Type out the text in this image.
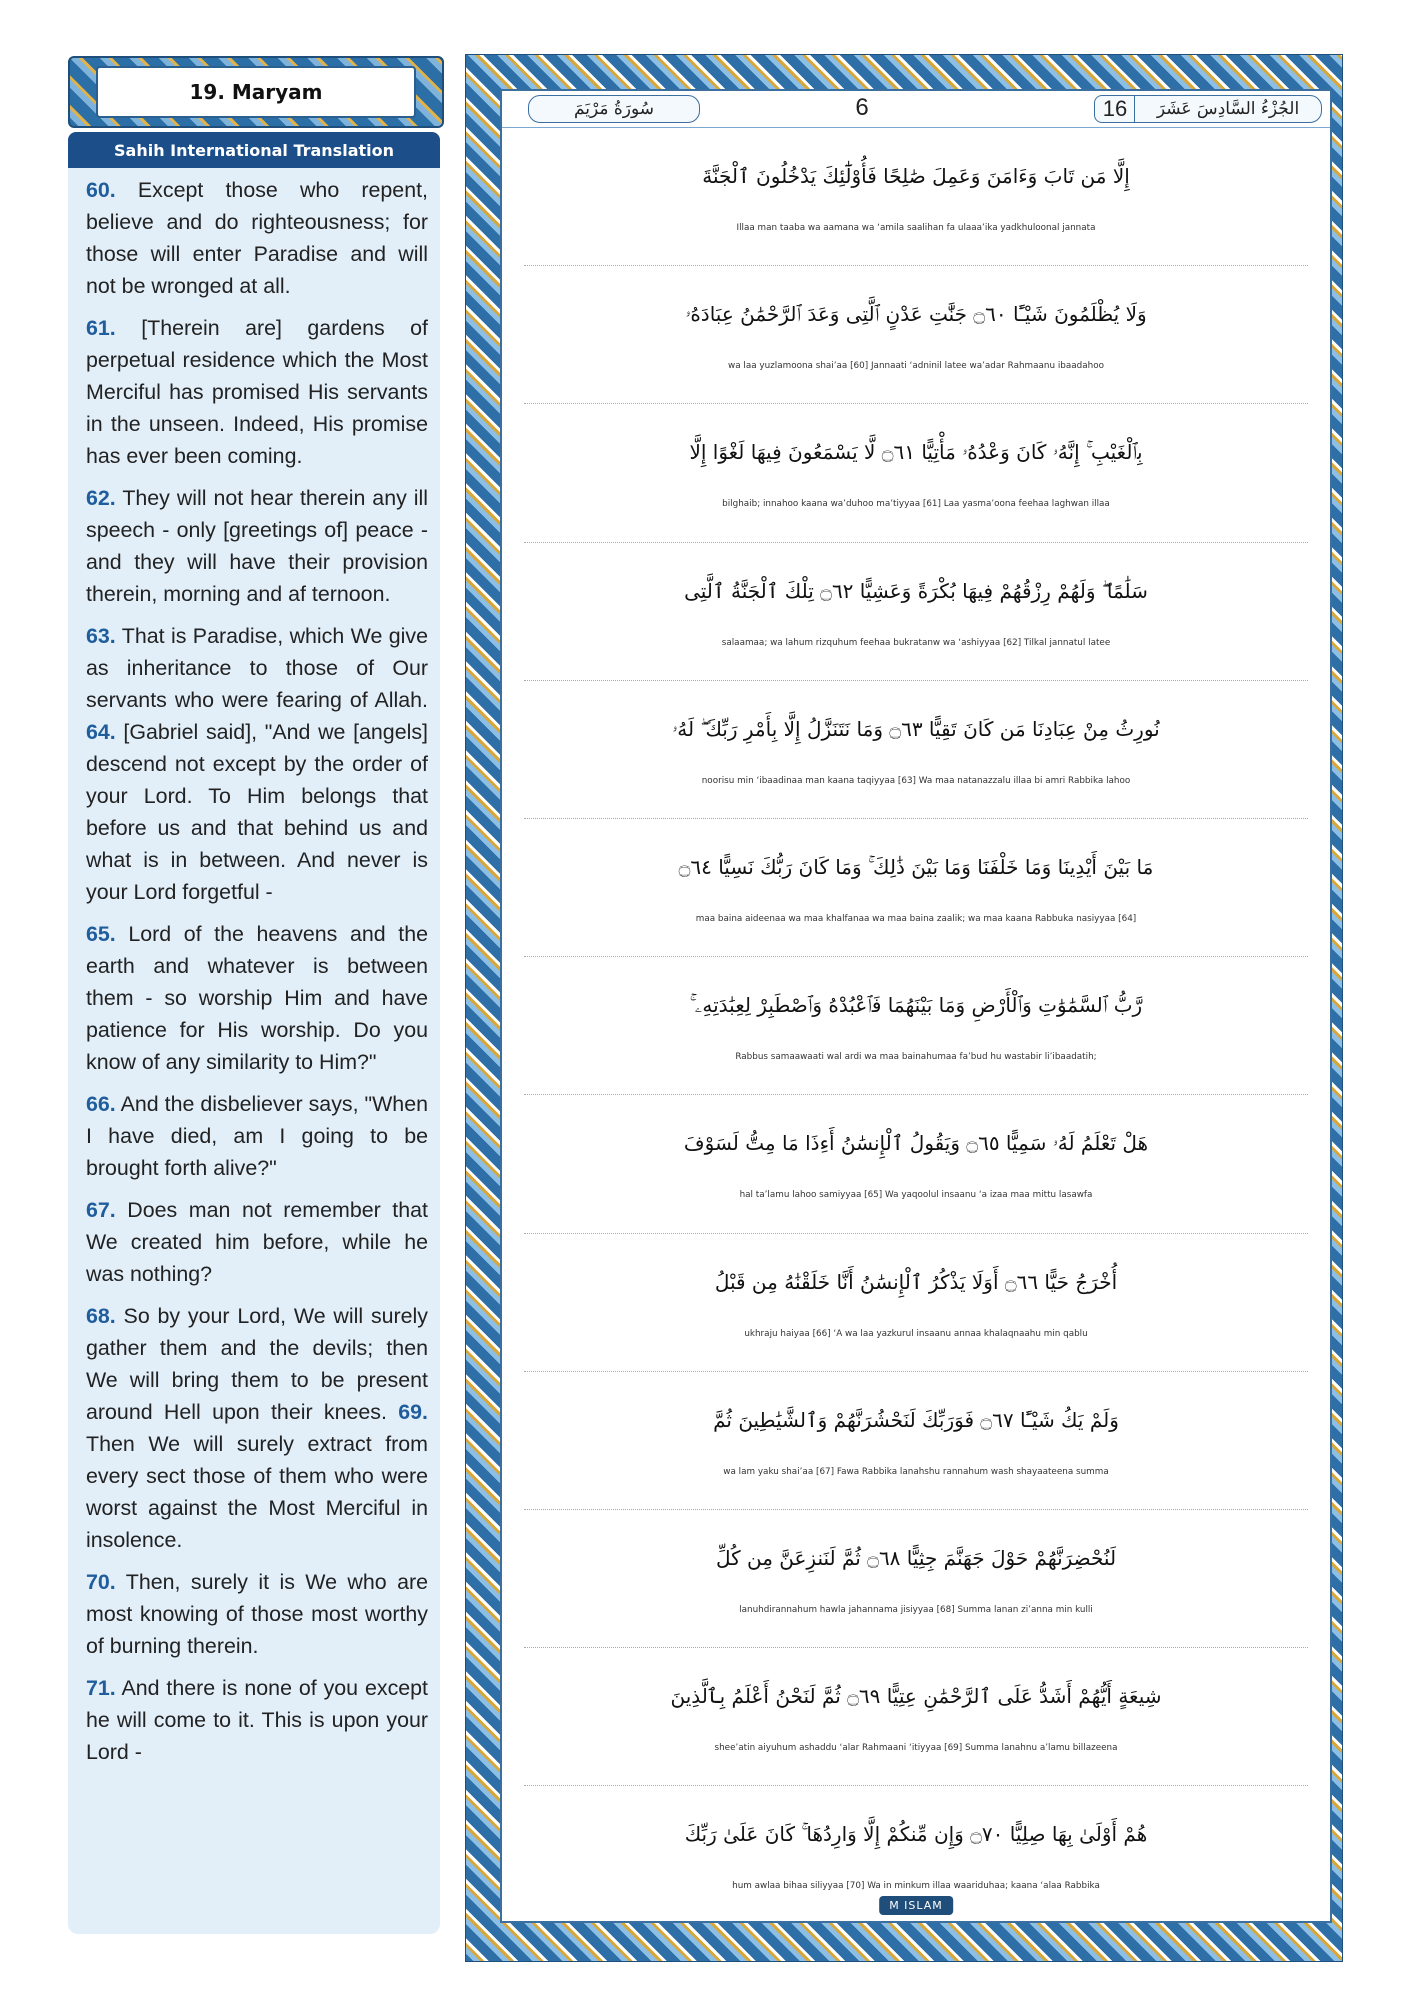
19. Maryam
Sahih International Translation

60. Except those who repent, believe and do righteousness; for those will enter Paradise and will not be wronged at all.

61. [Therein are] gardens of perpetual residence which the Most Merciful has promised His servants in the unseen. Indeed, His promise has ever been coming.

62. They will not hear therein any ill speech - only [greetings of] peace - and they will have their provision therein, morning and af ternoon.

63. That is Paradise, which We give as inheritance to those of Our servants who were fearing of Allah. 64. [Gabriel said], "And we [angels] descend not except by the order of your Lord. To Him belongs that before us and that behind us and what is in between. And never is your Lord forgetful -

65. Lord of the heavens and the earth and whatever is between them - so worship Him and have patience for His worship. Do you know of any similarity to Him?"

66. And the disbeliever says, "When I have died, am I going to be brought forth alive?"

67. Does man not remember that We created him before, while he was nothing?

68. So by your Lord, We will surely gather them and the devils; then We will bring them to be present around Hell upon their knees. 69. Then We will surely extract from every sect those of them who were worst against the Most Merciful in insolence.

70. Then, surely it is We who are most knowing of those most worthy of burning therein.

71. And there is none of you except he will come to it. This is upon your Lord -

سُورَةُ مَرْيَمَ	6	16	الجُزْءُ السَّادِسَ عَشَرَ
إِلَّا مَن تَابَ وَءَامَنَ وَعَمِلَ صَٰلِحًا فَأُوْلَٰٓئِكَ يَدْخُلُونَ ٱلْجَنَّةَ
Illaa man taaba wa aamana wa ‘amila saalihan fa ulaaa’ika yadkhuloonal jannata
وَلَا يُظْلَمُونَ شَيْـًٔا ۝٦٠ جَنَّٰتِ عَدْنٍ ٱلَّتِى وَعَدَ ٱلرَّحْمَٰنُ عِبَادَهُۥ
wa laa yuzlamoona shai’aa [60] Jannaati ‘adninil latee wa’adar Rahmaanu ibaadahoo
بِٱلْغَيْبِ ۚ إِنَّهُۥ كَانَ وَعْدُهُۥ مَأْتِيًّا ۝٦١ لَّا يَسْمَعُونَ فِيهَا لَغْوًا إِلَّا
bilghaib; innahoo kaana wa’duhoo ma’tiyyaa [61] Laa yasma’oona feehaa laghwan illaa
سَلَٰمًا ۖ وَلَهُمْ رِزْقُهُمْ فِيهَا بُكْرَةً وَعَشِيًّا ۝٦٢ تِلْكَ ٱلْجَنَّةُ ٱلَّتِى
salaamaa; wa lahum rizquhum feehaa bukratanw wa ‘ashiyyaa [62] Tilkal jannatul latee
نُورِثُ مِنْ عِبَادِنَا مَن كَانَ تَقِيًّا ۝٦٣ وَمَا نَتَنَزَّلُ إِلَّا بِأَمْرِ رَبِّكَ ۖ لَهُۥ
noorisu min ‘ibaadinaa man kaana taqiyyaa [63] Wa maa natanazzalu illaa bi amri Rabbika lahoo
مَا بَيْنَ أَيْدِينَا وَمَا خَلْفَنَا وَمَا بَيْنَ ذَٰلِكَ ۚ وَمَا كَانَ رَبُّكَ نَسِيًّا ۝٦٤
maa baina aideenaa wa maa khalfanaa wa maa baina zaalik; wa maa kaana Rabbuka nasiyyaa [64]
رَّبُّ ٱلسَّمَٰوَٰتِ وَٱلْأَرْضِ وَمَا بَيْنَهُمَا فَٱعْبُدْهُ وَٱصْطَبِرْ لِعِبَٰدَتِهِۦ ۚ
Rabbus samaawaati wal ardi wa maa bainahumaa fa’bud hu wastabir li’ibaadatih;
هَلْ تَعْلَمُ لَهُۥ سَمِيًّا ۝٦٥ وَيَقُولُ ٱلْإِنسَٰنُ أَءِذَا مَا مِتُّ لَسَوْفَ
hal ta’lamu lahoo samiyyaa [65] Wa yaqoolul insaanu ‘a izaa maa mittu lasawfa
أُخْرَجُ حَيًّا ۝٦٦ أَوَلَا يَذْكُرُ ٱلْإِنسَٰنُ أَنَّا خَلَقْنَٰهُ مِن قَبْلُ
ukhraju haiyaa [66] ‘A wa laa yazkurul insaanu annaa khalaqnaahu min qablu
وَلَمْ يَكُ شَيْـًٔا ۝٦٧ فَوَرَبِّكَ لَنَحْشُرَنَّهُمْ وَٱلشَّيَٰطِينَ ثُمَّ
wa lam yaku shai’aa [67] Fawa Rabbika lanahshu rannahum wash shayaateena summa
لَنُحْضِرَنَّهُمْ حَوْلَ جَهَنَّمَ جِثِيًّا ۝٦٨ ثُمَّ لَنَنزِعَنَّ مِن كُلِّ
lanuhdirannahum hawla jahannama jisiyyaa [68] Summa lanan zi’anna min kulli
شِيعَةٍ أَيُّهُمْ أَشَدُّ عَلَى ٱلرَّحْمَٰنِ عِتِيًّا ۝٦٩ ثُمَّ لَنَحْنُ أَعْلَمُ بِٱلَّذِينَ
shee’atin aiyuhum ashaddu ‘alar Rahmaani ‘itiyyaa [69] Summa lanahnu a’lamu billazeena
هُمْ أَوْلَىٰ بِهَا صِلِيًّا ۝٧٠ وَإِن مِّنكُمْ إِلَّا وَارِدُهَا ۚ كَانَ عَلَىٰ رَبِّكَ
hum awlaa bihaa siliyyaa [70] Wa in minkum illaa waariduhaa; kaana ‘alaa Rabbika
M ISLAM
